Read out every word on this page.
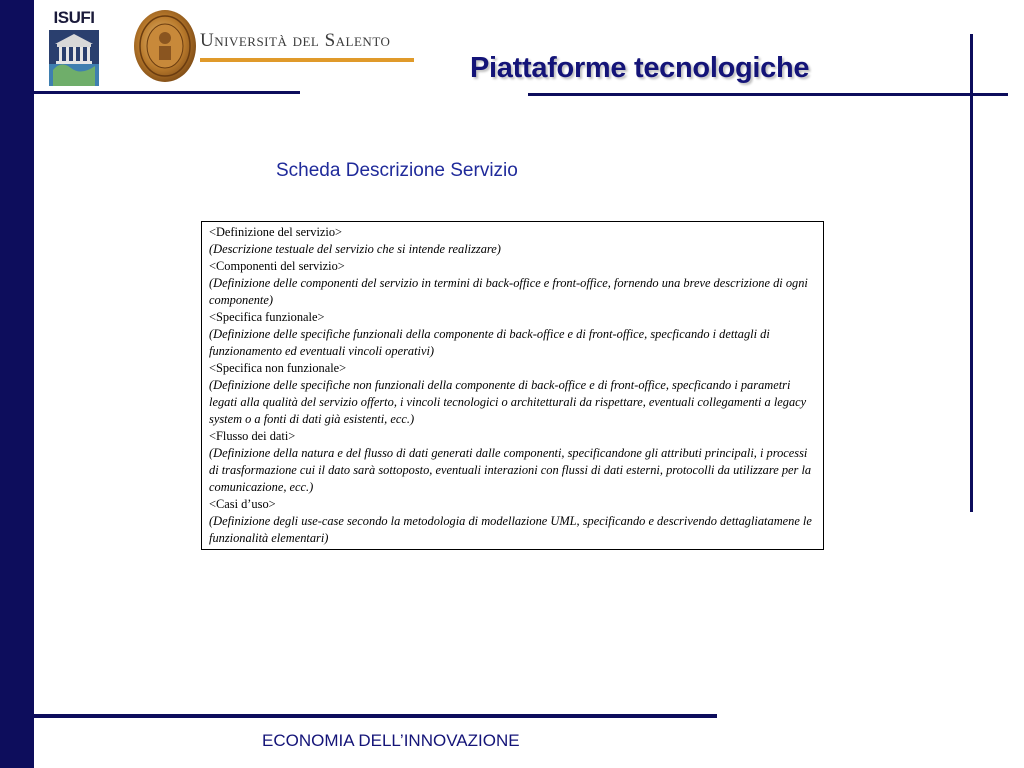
ISUFI
Università del Salento
Piattaforme tecnologiche
Scheda Descrizione Servizio
<Definizione del servizio>
(Descrizione testuale del servizio che si intende realizzare)
<Componenti del servizio>
(Definizione delle componenti del servizio in termini di back-office e front-office, fornendo una breve descrizione di ogni componente)
<Specifica funzionale>
(Definizione delle specifiche funzionali della componente di back-office e di front-office, specficando i dettagli di funzionamento ed eventuali vincoli operativi)
<Specifica non funzionale>
(Definizione delle specifiche non funzionali della componente di back-office e di front-office, specficando i parametri legati alla qualità del servizio offerto, i vincoli tecnologici o architetturali da rispettare, eventuali collegamenti a legacy system o a fonti di dati già esistenti, ecc.)
<Flusso dei dati>
(Definizione della natura e del flusso di dati generati dalle componenti, specificandone gli attributi principali, i processi di trasformazione cui il dato sarà sottoposto, eventuali interazioni con flussi di dati esterni, protocolli da utilizzare per la comunicazione, ecc.)
<Casi d’uso>
(Definizione degli use-case secondo la metodologia di modellazione UML, specificando e descrivendo dettagliatamene le funzionalità elementari)
ECONOMIA DELL’INNOVAZIONE
